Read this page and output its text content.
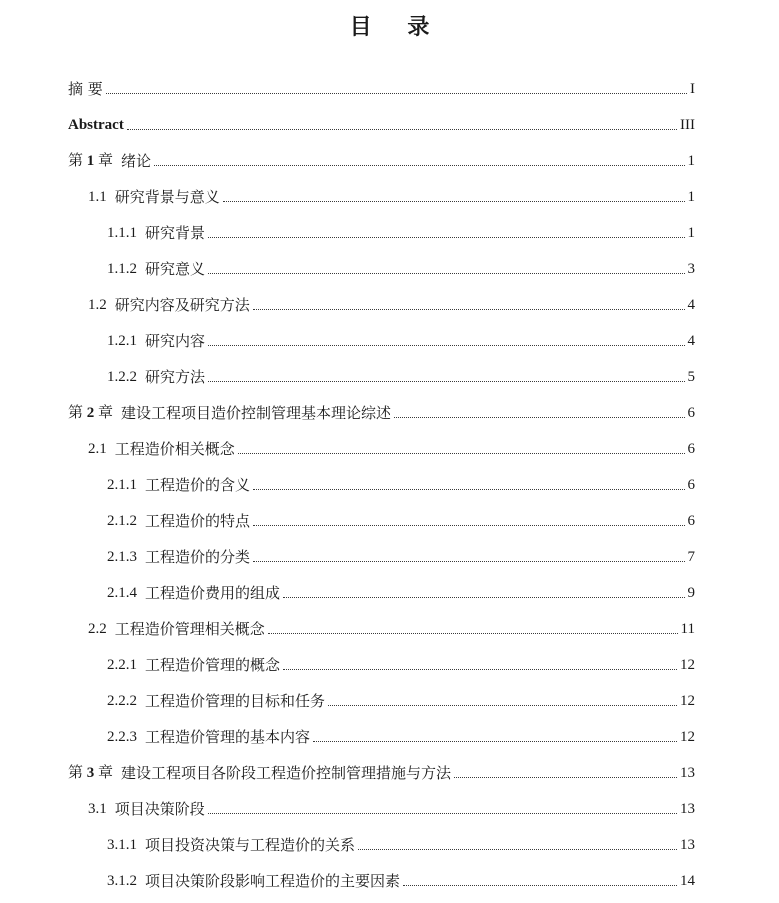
目 录
摘 要	I
Abstract	III
第 1 章 绪论	1
1.1 研究背景与意义	1
1.1.1 研究背景	1
1.1.2 研究意义	3
1.2 研究内容及研究方法	4
1.2.1 研究内容	4
1.2.2 研究方法	5
第 2 章 建设工程项目造价控制管理基本理论综述	6
2.1 工程造价相关概念	6
2.1.1 工程造价的含义	6
2.1.2 工程造价的特点	6
2.1.3 工程造价的分类	7
2.1.4 工程造价费用的组成	9
2.2 工程造价管理相关概念	11
2.2.1 工程造价管理的概念	12
2.2.2 工程造价管理的目标和任务	12
2.2.3 工程造价管理的基本内容	12
第 3 章 建设工程项目各阶段工程造价控制管理措施与方法	13
3.1 项目决策阶段	13
3.1.1 项目投资决策与工程造价的关系	13
3.1.2 项目决策阶段影响工程造价的主要因素	14
